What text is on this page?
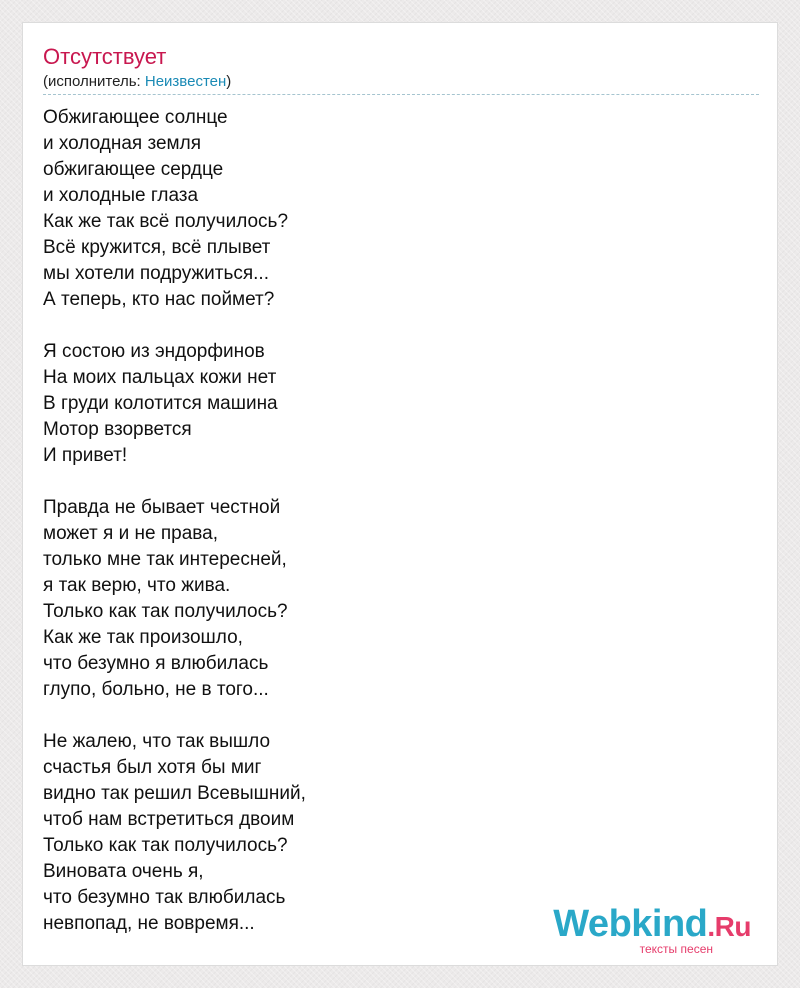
Отсутствует
(исполнитель: Неизвестен)
Обжигающее солнце
и холодная земля
обжигающее сердце
и холодные глаза
Как же так всё получилось?
Всё кружится, всё плывет
мы хотели подружиться...
А теперь, кто нас поймет?
Я состою из эндорфинов
На моих пальцах кожи нет
В груди колотится машина
Мотор взорвется
И привет!
Правда не бывает честной
может я и не права,
только мне так интересней,
я так верю, что жива.
Только как так получилось?
Как же так произошло,
что безумно я влюбилась
глупо, больно, не в того...
Не жалею, что так вышло
счастья был хотя бы миг
видно так решил Всевышний,
чтоб нам встретиться двоим
Только как так получилось?
Виновата очень я,
что безумно так влюбилась
невпопад, не вовремя...	Webkind.Ru
тексты песен
